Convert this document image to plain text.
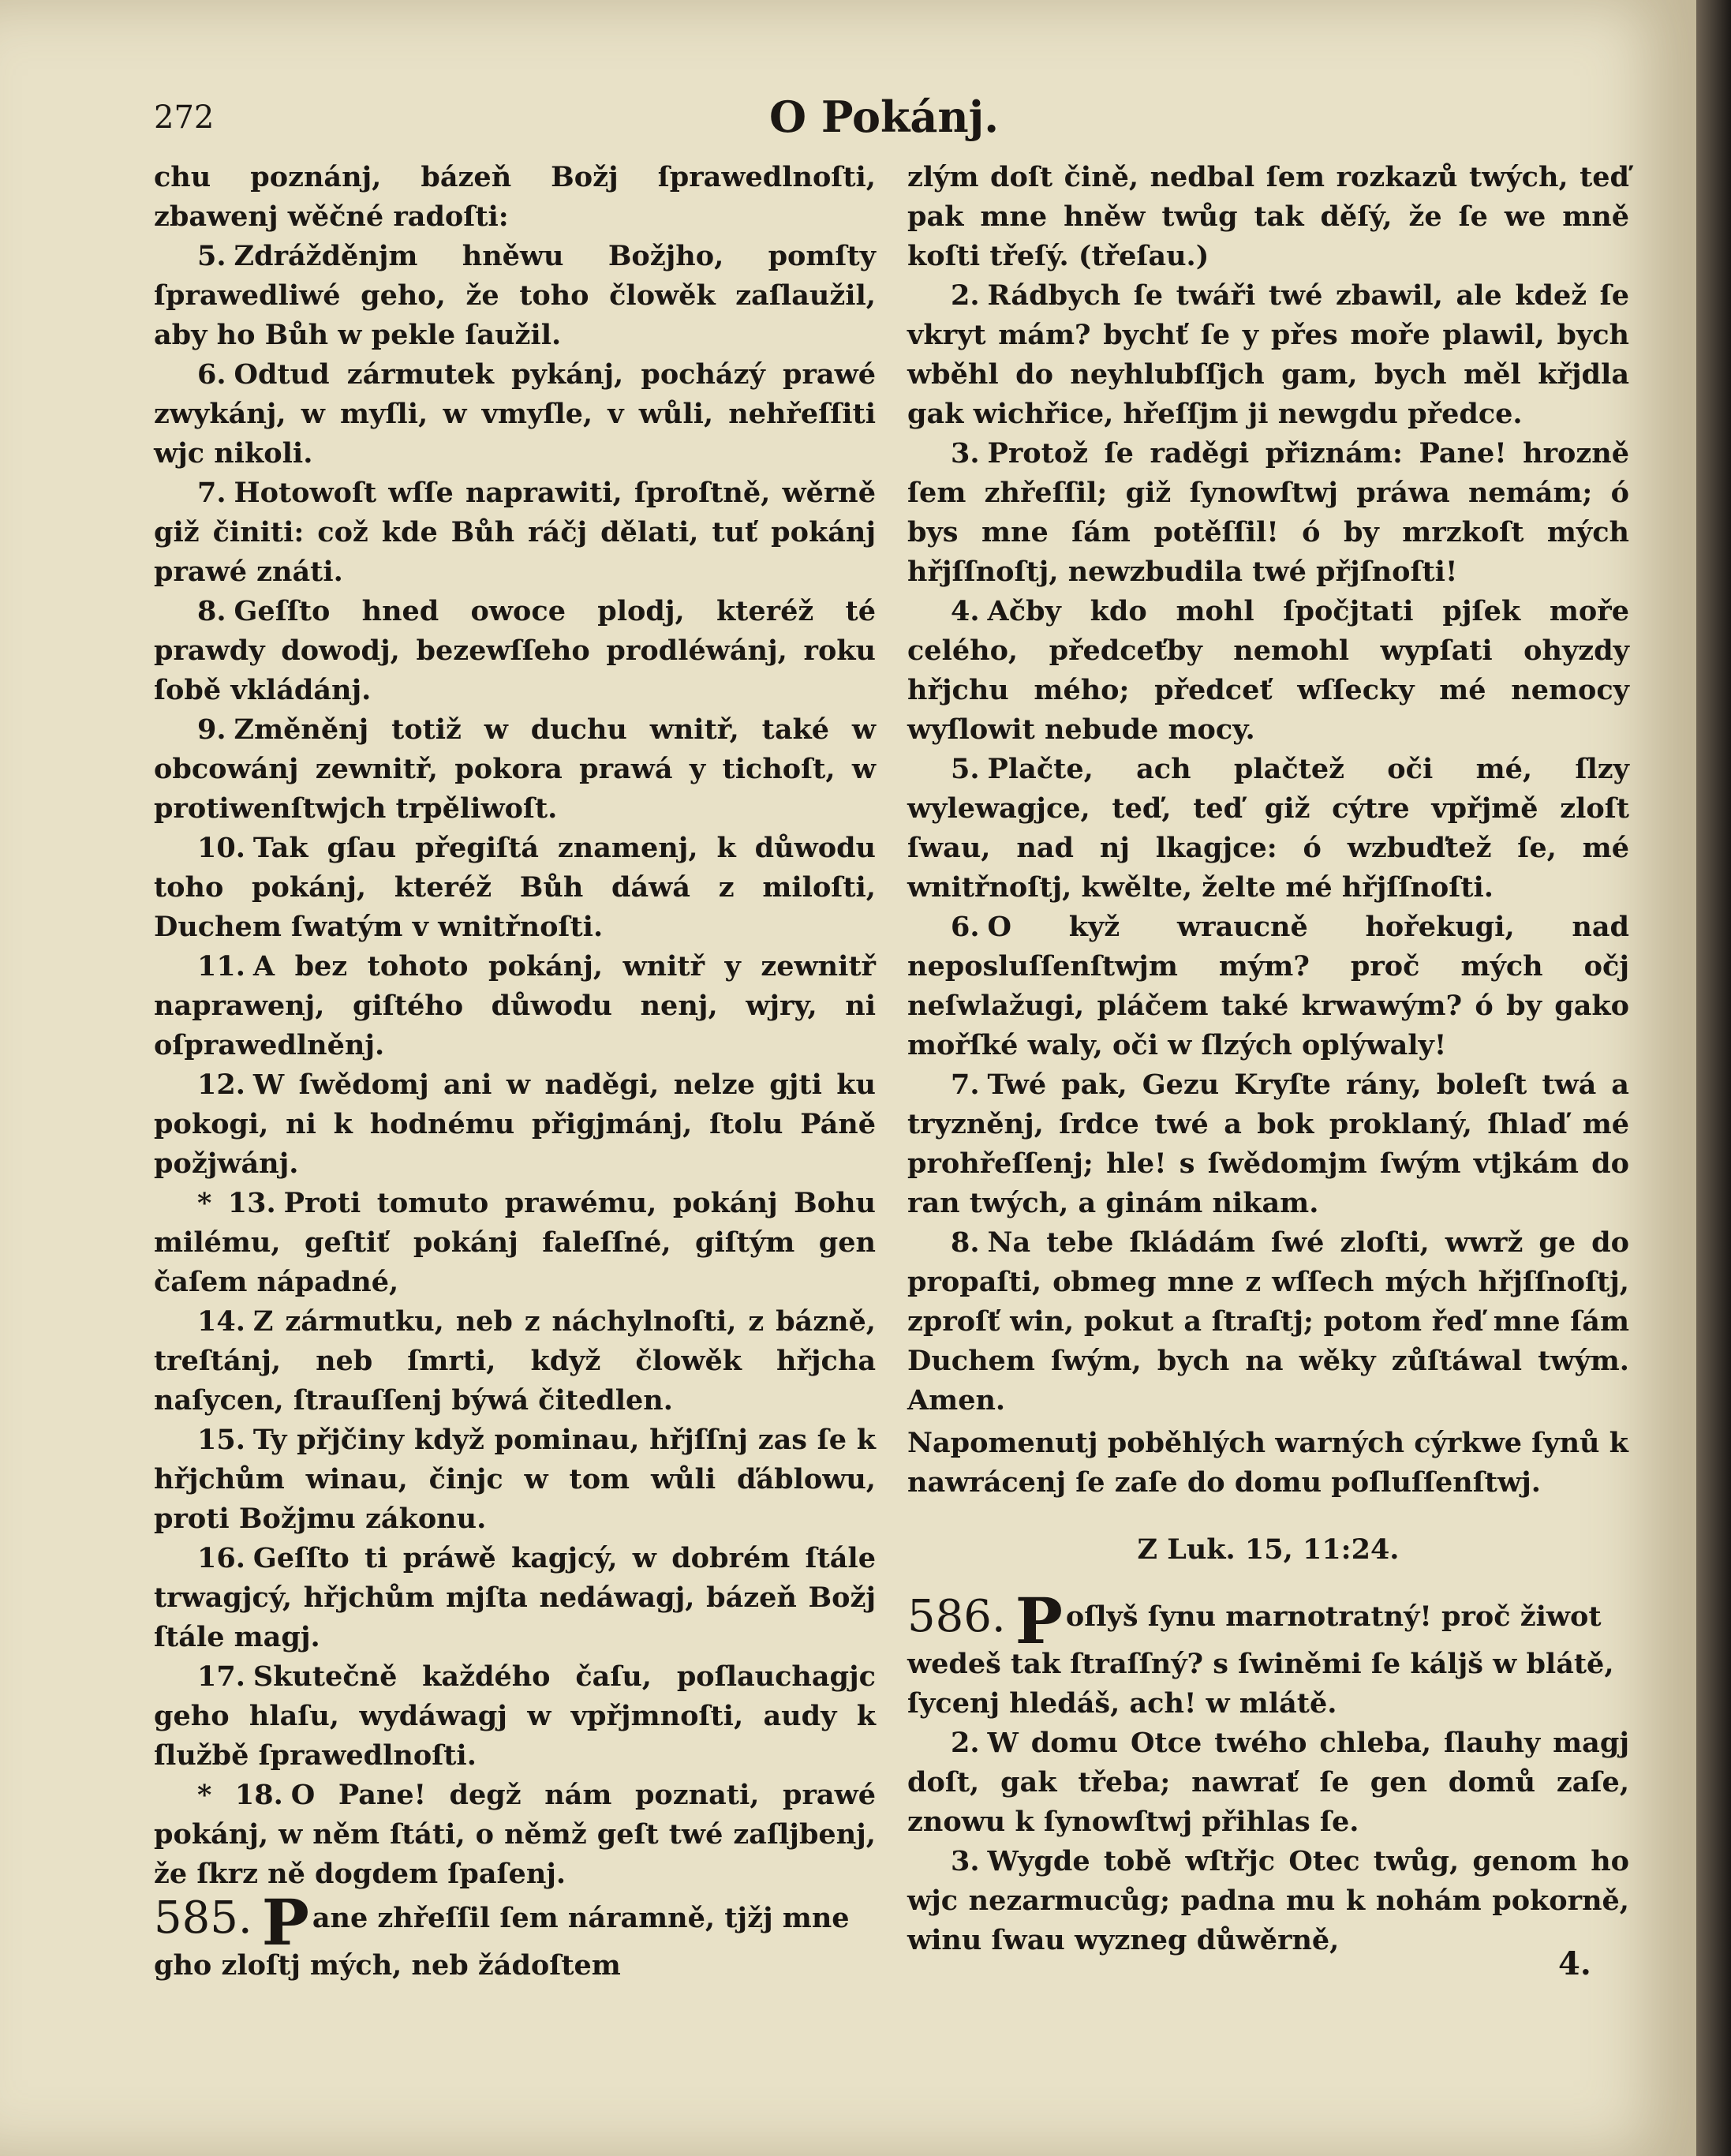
272	O Pokánj.

chu poznánj, bázeň Božj ſprawedlnoſti, zbawenj wěčné radoſti:

5. Zdrážděnjm hněwu Božjho, pomſty ſprawedliwé geho, že toho člowěk zaſlaužil, aby ho Bůh w pekle ſaužil.

6. Odtud zármutek pykánj, pocházý prawé zwykánj, w myſli, w vmyſle, v wůli, nehřeſſiti wjc nikoli.

7. Hotowoſt wſſe naprawiti, ſproſtně, wěrně giž činiti: což kde Bůh ráčj dělati, tuť pokánj prawé znáti.

8. Geſſto hned owoce plodj, kteréž té prawdy dowodj, bezewſſeho prodléwánj, roku ſobě vkládánj.

9. Změněnj totiž w duchu wnitř, také w obcowánj zewnitř, pokora prawá y tichoſt, w protiwenſtwjch trpěliwoſt.

10. Tak gſau přegiſtá znamenj, k důwodu toho pokánj, kteréž Bůh dáwá z miloſti, Duchem ſwatým v wnitřnoſti.

11. A bez tohoto pokánj, wnitř y zewnitř naprawenj, giſtého důwodu nenj, wjry, ni oſprawedlněnj.

12. W ſwědomj ani w naděgi, nelze gjti ku pokogi, ni k hodnému přigjmánj, ſtolu Páně požjwánj.

* 13. Proti tomuto prawému, pokánj Bohu milému, geſtiť pokánj faleſſné, giſtým gen čaſem nápadné,

14. Z zármutku, neb z náchylnoſti, z bázně, treſtánj, neb ſmrti, když člowěk hřjcha naſycen, ſtrauſſenj býwá čitedlen.

15. Ty přjčiny když pominau, hřjſſnj zas ſe k hřjchům winau, činjc w tom wůli ďáblowu, proti Božjmu zákonu.

16. Geſſto ti práwě kagjcý, w dobrém ſtále trwagjcý, hřjchům mjſta nedáwagj, bázeň Božj ſtále magj.

17. Skutečně každého čaſu, poſlauchagjc geho hlaſu, wydáwagj w vpřjmnoſti, audy k ſlužbě ſprawedlnoſti.

* 18. O Pane! degž nám poznati, prawé pokánj, w něm ſtáti, o němž geſt twé zaſljbenj, že ſkrz ně dogdem ſpaſenj.

585. P ane zhřeſſil ſem náramně, tjžj mne gho zloſtj mých, neb žádoſtem

zlým doſt čině, nedbal ſem rozkazů twých, teď pak mne hněw twůg tak děſý, že ſe we mně koſti třeſý. (třeſau.)

2. Rádbych ſe twáři twé zbawil, ale kdež ſe vkryt mám? bychť ſe y přes moře plawil, bych wběhl do neyhlubſſjch gam, bych měl křjdla gak wichřice, hřeſſjm ji newgdu předce.

3. Protož ſe raděgi přiznám: Pane! hrozně ſem zhřeſſil; giž ſynowſtwj práwa nemám; ó bys mne ſám potěſſil! ó by mrzkoſt mých hřjſſnoſtj, newzbudila twé přjſnoſti!

4. Ačby kdo mohl ſpočjtati pjſek moře celého, předceťby nemohl wypſati ohyzdy hřjchu mého; předceť wſſecky mé nemocy wyſlowit nebude mocy.

5. Plačte, ach plačtež oči mé, ſlzy wylewagjce, teď, teď giž cýtre vpřjmě zloſt ſwau, nad nj lkagjce: ó wzbuďtež ſe, mé wnitřnoſtj, kwělte, želte mé hřjſſnoſti.

6. O kyž wraucně hořekugi, nad neposluſſenſtwjm mým? proč mých očj neſwlažugi, pláčem také krwawým? ó by gako mořſké waly, oči w ſlzých oplýwaly!

7. Twé pak, Gezu Kryſte rány, boleſt twá a tryzněnj, ſrdce twé a bok proklaný, ſhlaď mé prohřeſſenj; hle! s ſwědomjm ſwým vtjkám do ran twých, a ginám nikam.

8. Na tebe ſkládám ſwé zloſti, wwrž ge do propaſti, obmeg mne z wſſech mých hřjſſnoſtj, zproſť win, pokut a ſtraſtj; potom řeď mne ſám Duchem ſwým, bych na wěky zůſtáwal twým. Amen.

Napomenutj poběhlých warných cýrkwe ſynů k nawrácenj ſe zaſe do domu poſluſſenſtwj.

Z Luk. 15, 11:24.

586. P oſlyš ſynu marnotratný! proč žiwot wedeš tak ſtraſſný? s ſwiněmi ſe káljš w blátě, ſycenj hledáš, ach! w mlátě.

2. W domu Otce twého chleba, ſlauhy magj doſt, gak třeba; nawrať ſe gen domů zaſe, znowu k ſynowſtwj přihlas ſe.

3. Wygde tobě wſtřjc Otec twůg, genom ho wjc nezarmucůg; padna mu k nohám pokorně, winu ſwau wyzneg důwěrně,

4.
